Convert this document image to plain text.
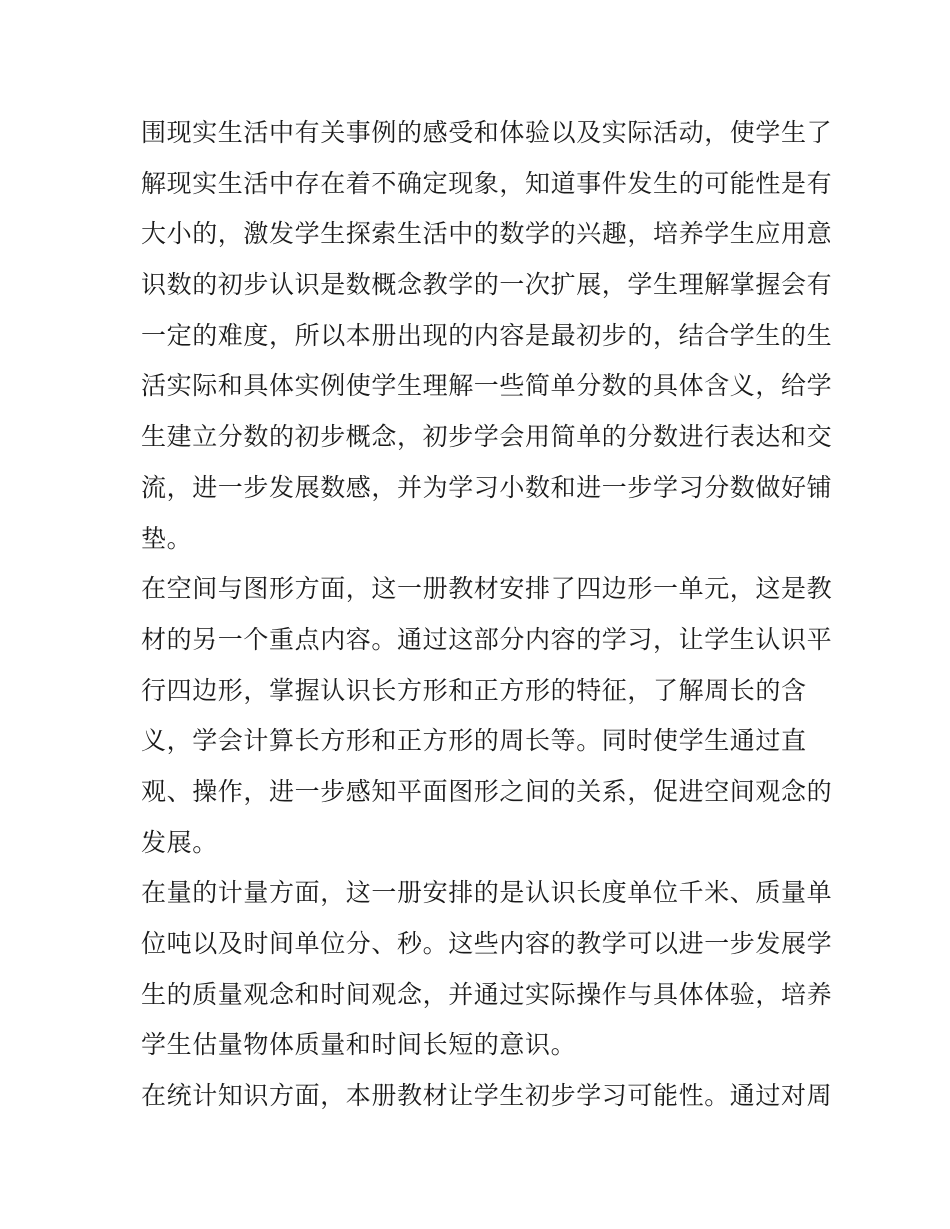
围现实生活中有关事例的感受和体验以及实际活动，使学生了
解现实生活中存在着不确定现象，知道事件发生的可能性是有
大小的，激发学生探索生活中的数学的兴趣，培养学生应用意
识数的初步认识是数概念教学的一次扩展，学生理解掌握会有
一定的难度，所以本册出现的内容是最初步的，结合学生的生
活实际和具体实例使学生理解一些简单分数的具体含义，给学
生建立分数的初步概念，初步学会用简单的分数进行表达和交
流，进一步发展数感，并为学习小数和进一步学习分数做好铺
垫。
在空间与图形方面，这一册教材安排了四边形一单元，这是教
材的另一个重点内容。通过这部分内容的学习，让学生认识平
行四边形，掌握认识长方形和正方形的特征，了解周长的含
义，学会计算长方形和正方形的周长等。同时使学生通过直
观、操作，进一步感知平面图形之间的关系，促进空间观念的
发展。
在量的计量方面，这一册安排的是认识长度单位千米、质量单
位吨以及时间单位分、秒。这些内容的教学可以进一步发展学
生的质量观念和时间观念，并通过实际操作与具体体验，培养
学生估量物体质量和时间长短的意识。
在统计知识方面，本册教材让学生初步学习可能性。通过对周
